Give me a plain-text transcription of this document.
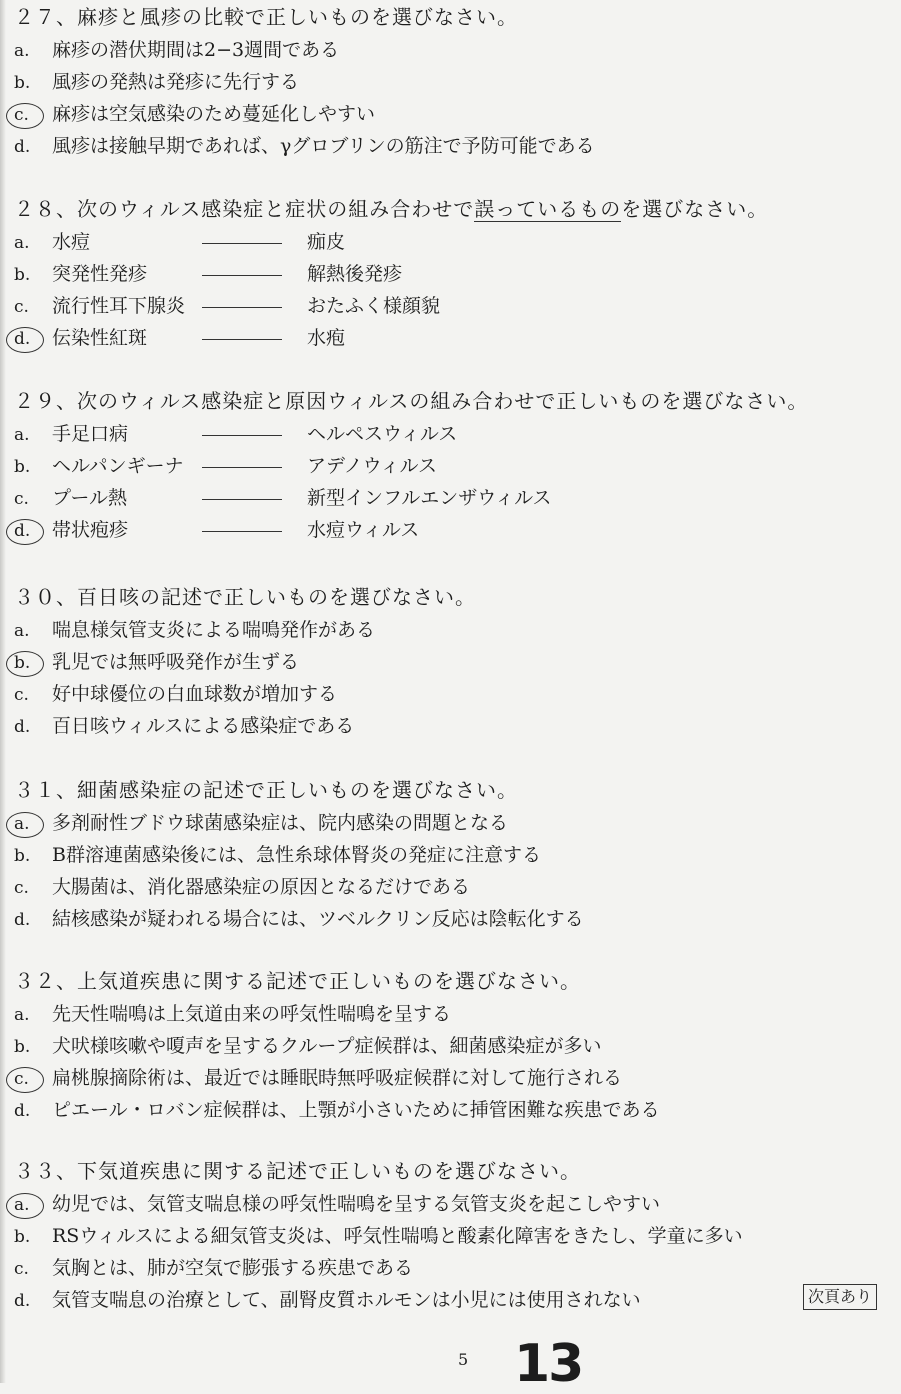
２７、麻疹と風疹の比較で正しいものを選びなさい。
a. 麻疹の潜伏期間は2−3週間である
b. 風疹の発熱は発疹に先行する
c. 麻疹は空気感染のため蔓延化しやすい
d. 風疹は接触早期であれば、γグロブリンの筋注で予防可能である
２８、次のウィルス感染症と症状の組み合わせで誤っているものを選びなさい。
a. 水痘	痂皮
b. 突発性発疹	解熱後発疹
c. 流行性耳下腺炎	おたふく様顔貌
d. 伝染性紅斑	水疱
２９、次のウィルス感染症と原因ウィルスの組み合わせで正しいものを選びなさい。
a. 手足口病	ヘルペスウィルス
b. ヘルパンギーナ	アデノウィルス
c. プール熱	新型インフルエンザウィルス
d. 帯状疱疹	水痘ウィルス
３０、百日咳の記述で正しいものを選びなさい。
a. 喘息様気管支炎による喘鳴発作がある
b. 乳児では無呼吸発作が生ずる
c. 好中球優位の白血球数が増加する
d. 百日咳ウィルスによる感染症である
３１、細菌感染症の記述で正しいものを選びなさい。
a. 多剤耐性ブドウ球菌感染症は、院内感染の問題となる
b. B群溶連菌感染後には、急性糸球体腎炎の発症に注意する
c. 大腸菌は、消化器感染症の原因となるだけである
d. 結核感染が疑われる場合には、ツベルクリン反応は陰転化する
３２、上気道疾患に関する記述で正しいものを選びなさい。
a. 先天性喘鳴は上気道由来の呼気性喘鳴を呈する
b. 犬吠様咳嗽や嗄声を呈するクループ症候群は、細菌感染症が多い
c. 扁桃腺摘除術は、最近では睡眠時無呼吸症候群に対して施行される
d. ピエール・ロバン症候群は、上顎が小さいために挿管困難な疾患である
３３、下気道疾患に関する記述で正しいものを選びなさい。
a. 幼児では、気管支喘息様の呼気性喘鳴を呈する気管支炎を起こしやすい
b. RSウィルスによる細気管支炎は、呼気性喘鳴と酸素化障害をきたし、学童に多い
c. 気胸とは、肺が空気で膨張する疾患である
d. 気管支喘息の治療として、副腎皮質ホルモンは小児には使用されない	次頁あり
5 13
